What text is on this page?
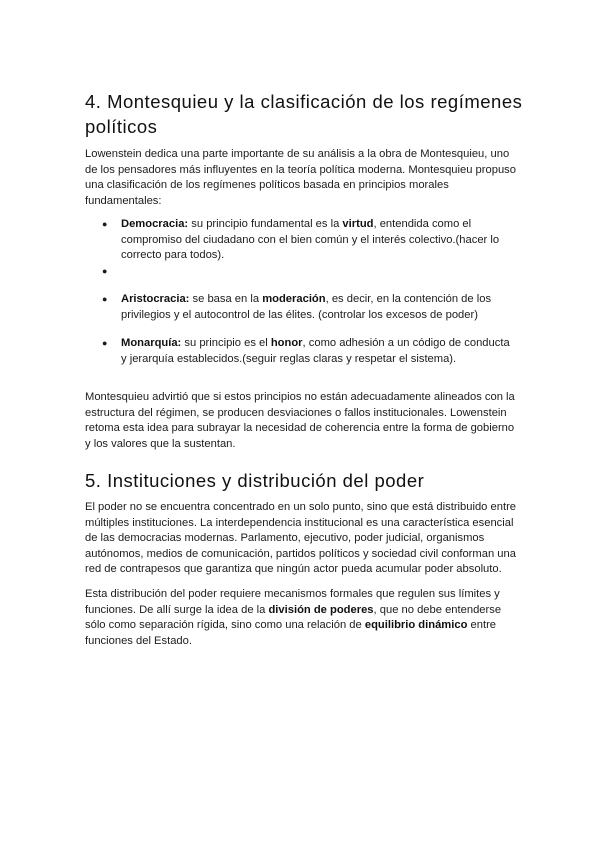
4. Montesquieu y la clasificación de los regímenes
políticos

Lowenstein dedica una parte importante de su análisis a la obra de Montesquieu, uno de los pensadores más influyentes en la teoría política moderna. Montesquieu propuso una clasificación de los regímenes políticos basada en principios morales fundamentales:

● Democracia: su principio fundamental es la virtud, entendida como el compromiso del ciudadano con el bien común y el interés colectivo.(hacer lo correcto para todos).
●
● Aristocracia: se basa en la moderación, es decir, en la contención de los privilegios y el autocontrol de las élites. (controlar los excesos de poder)
● Monarquía: su principio es el honor, como adhesión a un código de conducta y jerarquía establecidos.(seguir reglas claras y respetar el sistema).

Montesquieu advirtió que si estos principios no están adecuadamente alineados con la estructura del régimen, se producen desviaciones o fallos institucionales. Lowenstein retoma esta idea para subrayar la necesidad de coherencia entre la forma de gobierno y los valores que la sustentan.

5. Instituciones y distribución del poder

El poder no se encuentra concentrado en un solo punto, sino que está distribuido entre múltiples instituciones. La interdependencia institucional es una característica esencial de las democracias modernas. Parlamento, ejecutivo, poder judicial, organismos autónomos, medios de comunicación, partidos políticos y sociedad civil conforman una red de contrapesos que garantiza que ningún actor pueda acumular poder absoluto.

Esta distribución del poder requiere mecanismos formales que regulen sus límites y funciones. De allí surge la idea de la división de poderes, que no debe entenderse sólo como separación rígida, sino como una relación de equilibrio dinámico entre funciones del Estado.
